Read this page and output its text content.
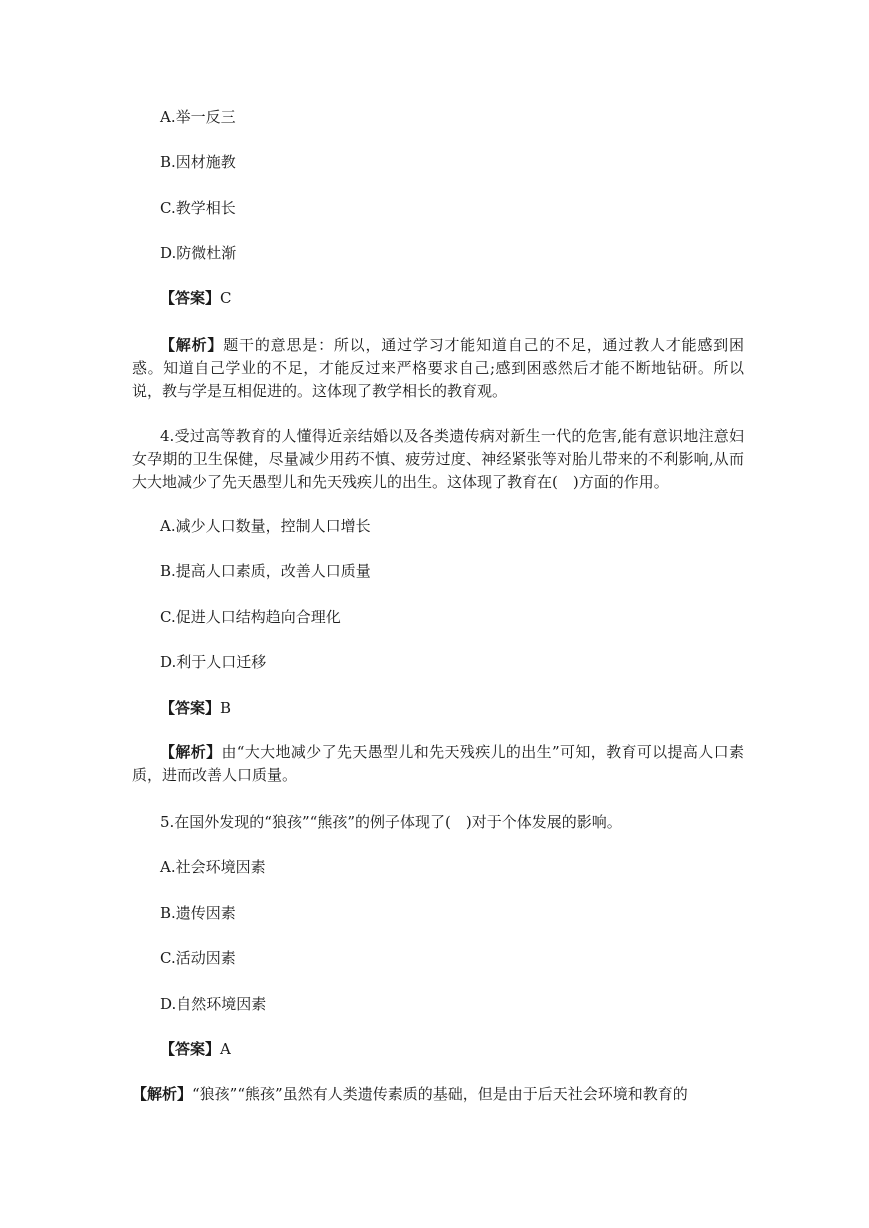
A.举一反三
B.因材施教
C.教学相长
D.防微杜渐
【答案】C
【解析】题干的意思是：所以，通过学习才能知道自己的不足，通过教人才能感到困惑。知道自己学业的不足，才能反过来严格要求自己;感到困惑然后才能不断地钻研。所以说，教与学是互相促进的。这体现了教学相长的教育观。
4.受过高等教育的人懂得近亲结婚以及各类遗传病对新生一代的危害,能有意识地注意妇女孕期的卫生保健，尽量减少用药不慎、疲劳过度、神经紧张等对胎儿带来的不利影响,从而大大地减少了先天愚型儿和先天残疾儿的出生。这体现了教育在(　)方面的作用。
A.减少人口数量，控制人口增长
B.提高人口素质，改善人口质量
C.促进人口结构趋向合理化
D.利于人口迁移
【答案】B
【解析】由“大大地减少了先天愚型儿和先天残疾儿的出生”可知，教育可以提高人口素质，进而改善人口质量。
5.在国外发现的“狼孩”“熊孩”的例子体现了(　)对于个体发展的影响。
A.社会环境因素
B.遗传因素
C.活动因素
D.自然环境因素
【答案】A
【解析】“狼孩”“熊孩”虽然有人类遗传素质的基础，但是由于后天社会环境和教育的
